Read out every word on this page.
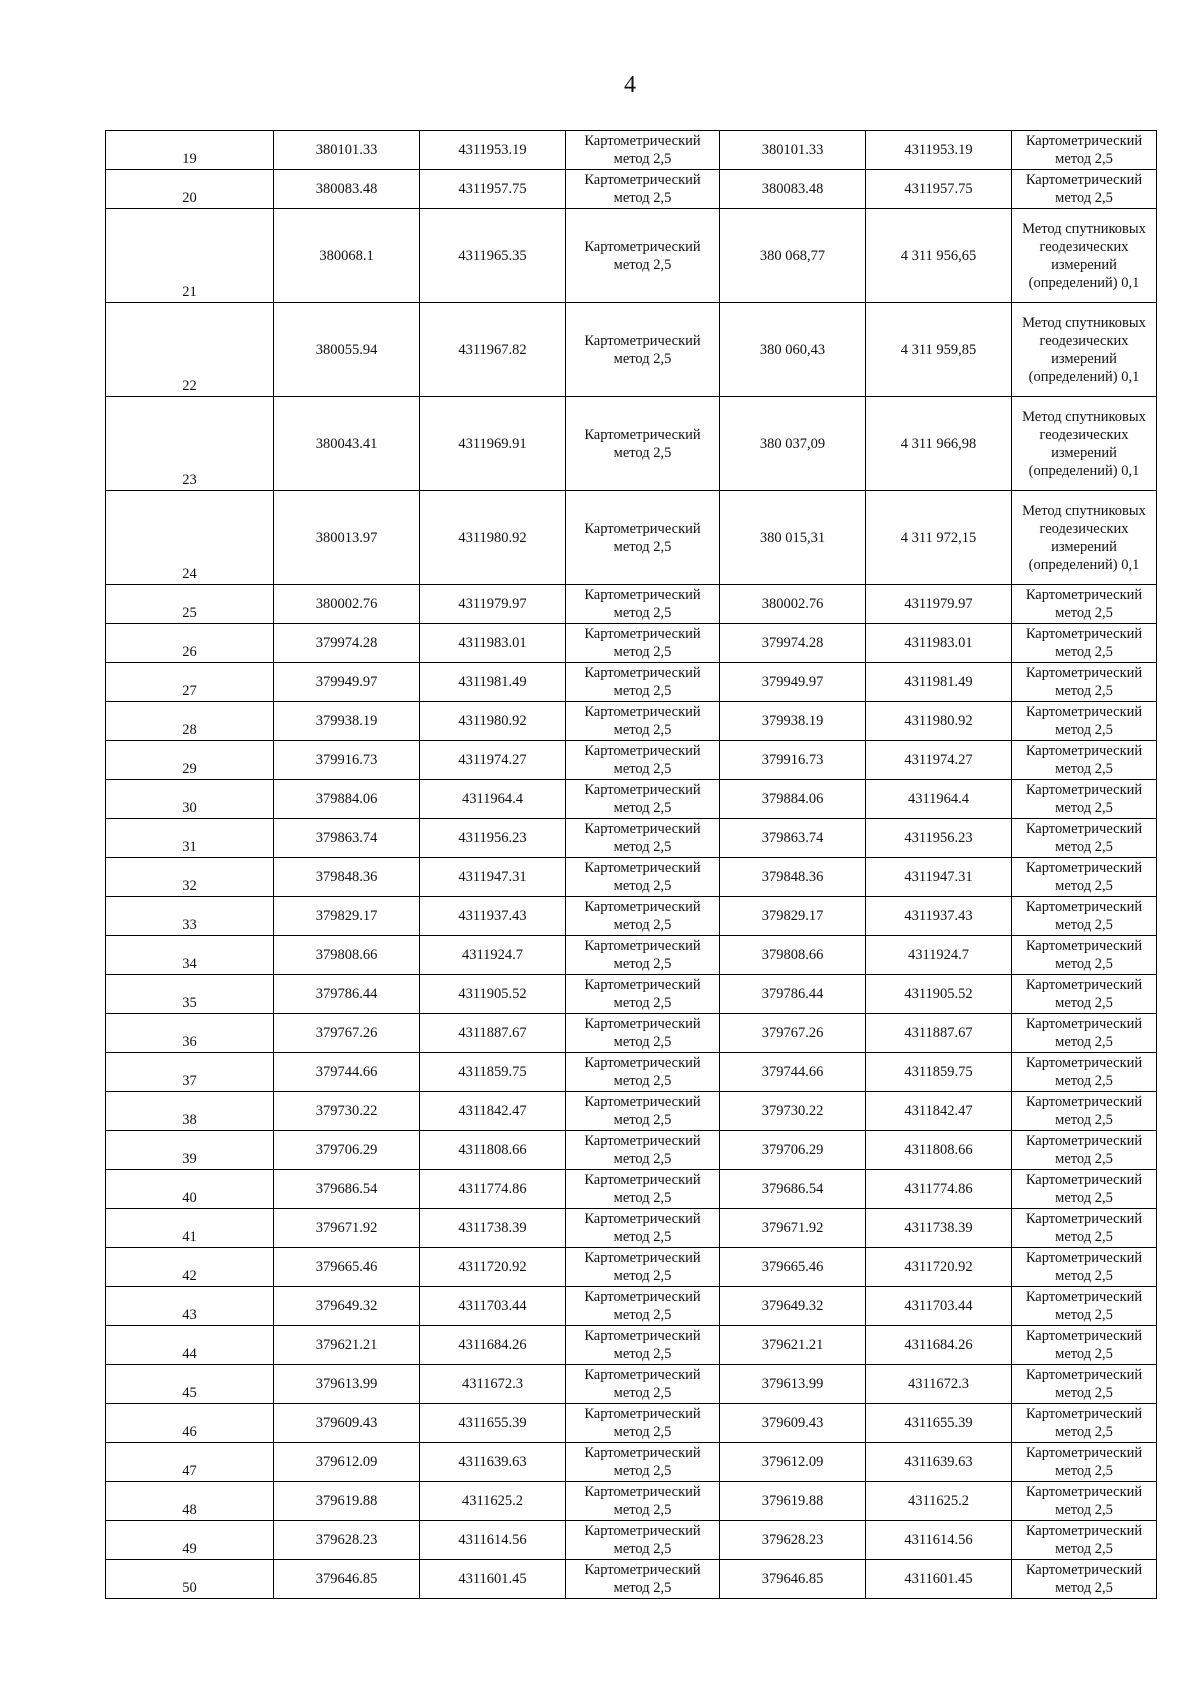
4
19	380101.33	4311953.19	Картометрический метод 2,5	380101.33	4311953.19	Картометрический метод 2,5
20	380083.48	4311957.75	Картометрический метод 2,5	380083.48	4311957.75	Картометрический метод 2,5
21	380068.1	4311965.35	Картометрический метод 2,5	380 068,77	4 311 956,65	Метод спутниковых геодезических измерений (определений) 0,1
22	380055.94	4311967.82	Картометрический метод 2,5	380 060,43	4 311 959,85	Метод спутниковых геодезических измерений (определений) 0,1
23	380043.41	4311969.91	Картометрический метод 2,5	380 037,09	4 311 966,98	Метод спутниковых геодезических измерений (определений) 0,1
24	380013.97	4311980.92	Картометрический метод 2,5	380 015,31	4 311 972,15	Метод спутниковых геодезических измерений (определений) 0,1
25	380002.76	4311979.97	Картометрический метод 2,5	380002.76	4311979.97	Картометрический метод 2,5
26	379974.28	4311983.01	Картометрический метод 2,5	379974.28	4311983.01	Картометрический метод 2,5
27	379949.97	4311981.49	Картометрический метод 2,5	379949.97	4311981.49	Картометрический метод 2,5
28	379938.19	4311980.92	Картометрический метод 2,5	379938.19	4311980.92	Картометрический метод 2,5
29	379916.73	4311974.27	Картометрический метод 2,5	379916.73	4311974.27	Картометрический метод 2,5
30	379884.06	4311964.4	Картометрический метод 2,5	379884.06	4311964.4	Картометрический метод 2,5
31	379863.74	4311956.23	Картометрический метод 2,5	379863.74	4311956.23	Картометрический метод 2,5
32	379848.36	4311947.31	Картометрический метод 2,5	379848.36	4311947.31	Картометрический метод 2,5
33	379829.17	4311937.43	Картометрический метод 2,5	379829.17	4311937.43	Картометрический метод 2,5
34	379808.66	4311924.7	Картометрический метод 2,5	379808.66	4311924.7	Картометрический метод 2,5
35	379786.44	4311905.52	Картометрический метод 2,5	379786.44	4311905.52	Картометрический метод 2,5
36	379767.26	4311887.67	Картометрический метод 2,5	379767.26	4311887.67	Картометрический метод 2,5
37	379744.66	4311859.75	Картометрический метод 2,5	379744.66	4311859.75	Картометрический метод 2,5
38	379730.22	4311842.47	Картометрический метод 2,5	379730.22	4311842.47	Картометрический метод 2,5
39	379706.29	4311808.66	Картометрический метод 2,5	379706.29	4311808.66	Картометрический метод 2,5
40	379686.54	4311774.86	Картометрический метод 2,5	379686.54	4311774.86	Картометрический метод 2,5
41	379671.92	4311738.39	Картометрический метод 2,5	379671.92	4311738.39	Картометрический метод 2,5
42	379665.46	4311720.92	Картометрический метод 2,5	379665.46	4311720.92	Картометрический метод 2,5
43	379649.32	4311703.44	Картометрический метод 2,5	379649.32	4311703.44	Картометрический метод 2,5
44	379621.21	4311684.26	Картометрический метод 2,5	379621.21	4311684.26	Картометрический метод 2,5
45	379613.99	4311672.3	Картометрический метод 2,5	379613.99	4311672.3	Картометрический метод 2,5
46	379609.43	4311655.39	Картометрический метод 2,5	379609.43	4311655.39	Картометрический метод 2,5
47	379612.09	4311639.63	Картометрический метод 2,5	379612.09	4311639.63	Картометрический метод 2,5
48	379619.88	4311625.2	Картометрический метод 2,5	379619.88	4311625.2	Картометрический метод 2,5
49	379628.23	4311614.56	Картометрический метод 2,5	379628.23	4311614.56	Картометрический метод 2,5
50	379646.85	4311601.45	Картометрический метод 2,5	379646.85	4311601.45	Картометрический метод 2,5
